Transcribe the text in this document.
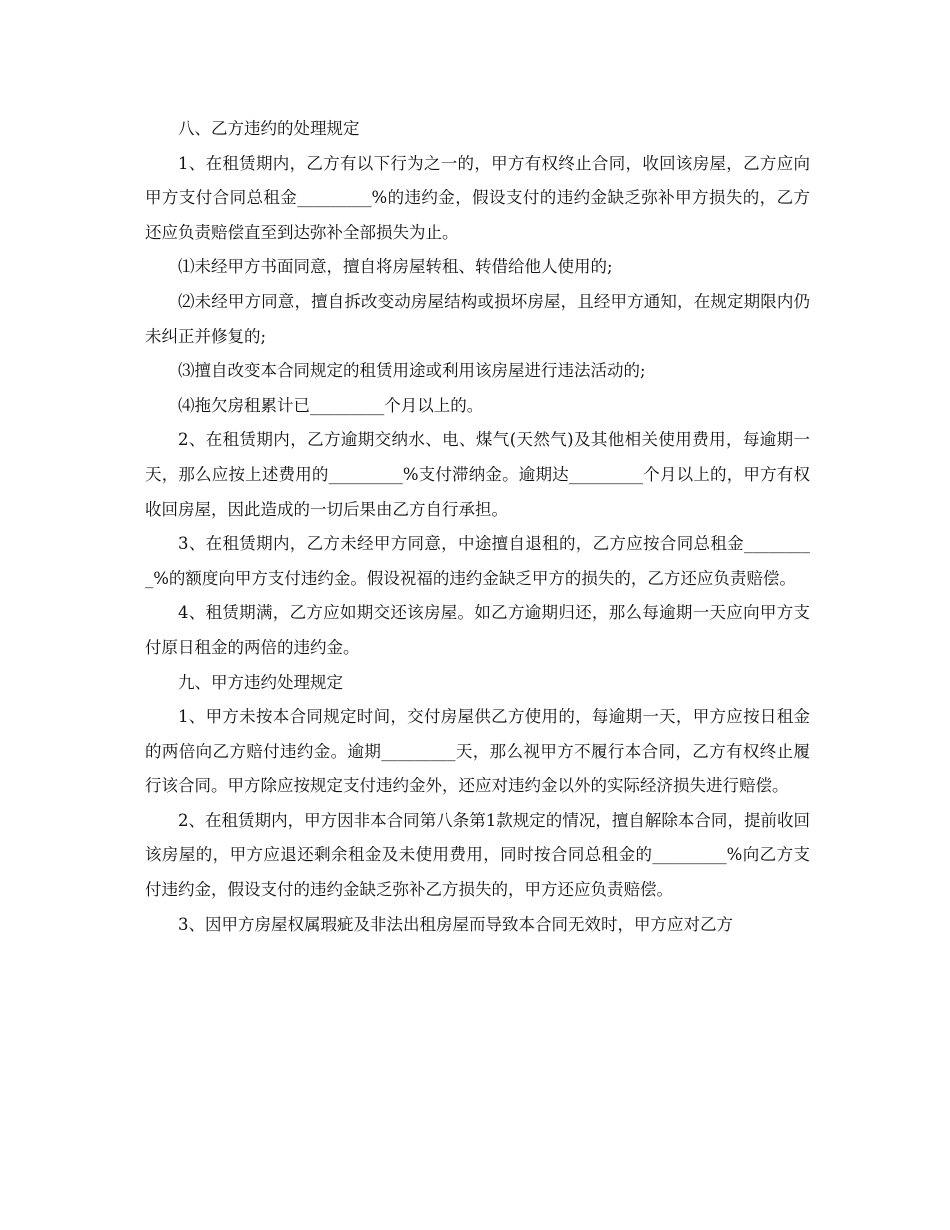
八、乙方违约的处理规定

1、在租赁期内，乙方有以下行为之一的，甲方有权终止合同，收回该房屋，乙方应向甲方支付合同总租金_________%的违约金，假设支付的违约金缺乏弥补甲方损失的，乙方还应负责赔偿直至到达弥补全部损失为止。

⑴未经甲方书面同意，擅自将房屋转租、转借给他人使用的;

⑵未经甲方同意，擅自拆改变动房屋结构或损坏房屋，且经甲方通知，在规定期限内仍未纠正并修复的;

⑶擅自改变本合同规定的租赁用途或利用该房屋进行违法活动的;

⑷拖欠房租累计已_________个月以上的。

2、在租赁期内，乙方逾期交纳水、电、煤气(天然气)及其他相关使用费用，每逾期一天，那么应按上述费用的_________%支付滞纳金。逾期达_________个月以上的，甲方有权收回房屋，因此造成的一切后果由乙方自行承担。

3、在租赁期内，乙方未经甲方同意，中途擅自退租的，乙方应按合同总租金_________%的额度向甲方支付违约金。假设祝福的违约金缺乏甲方的损失的，乙方还应负责赔偿。

4、租赁期满，乙方应如期交还该房屋。如乙方逾期归还，那么每逾期一天应向甲方支付原日租金的两倍的违约金。

九、甲方违约处理规定

1、甲方未按本合同规定时间，交付房屋供乙方使用的，每逾期一天，甲方应按日租金的两倍向乙方赔付违约金。逾期_________天，那么视甲方不履行本合同，乙方有权终止履行该合同。甲方除应按规定支付违约金外，还应对违约金以外的实际经济损失进行赔偿。

2、在租赁期内，甲方因非本合同第八条第1款规定的情况，擅自解除本合同，提前收回该房屋的，甲方应退还剩余租金及未使用费用，同时按合同总租金的_________%向乙方支付违约金，假设支付的违约金缺乏弥补乙方损失的，甲方还应负责赔偿。

3、因甲方房屋权属瑕疵及非法出租房屋而导致本合同无效时，甲方应对乙方
